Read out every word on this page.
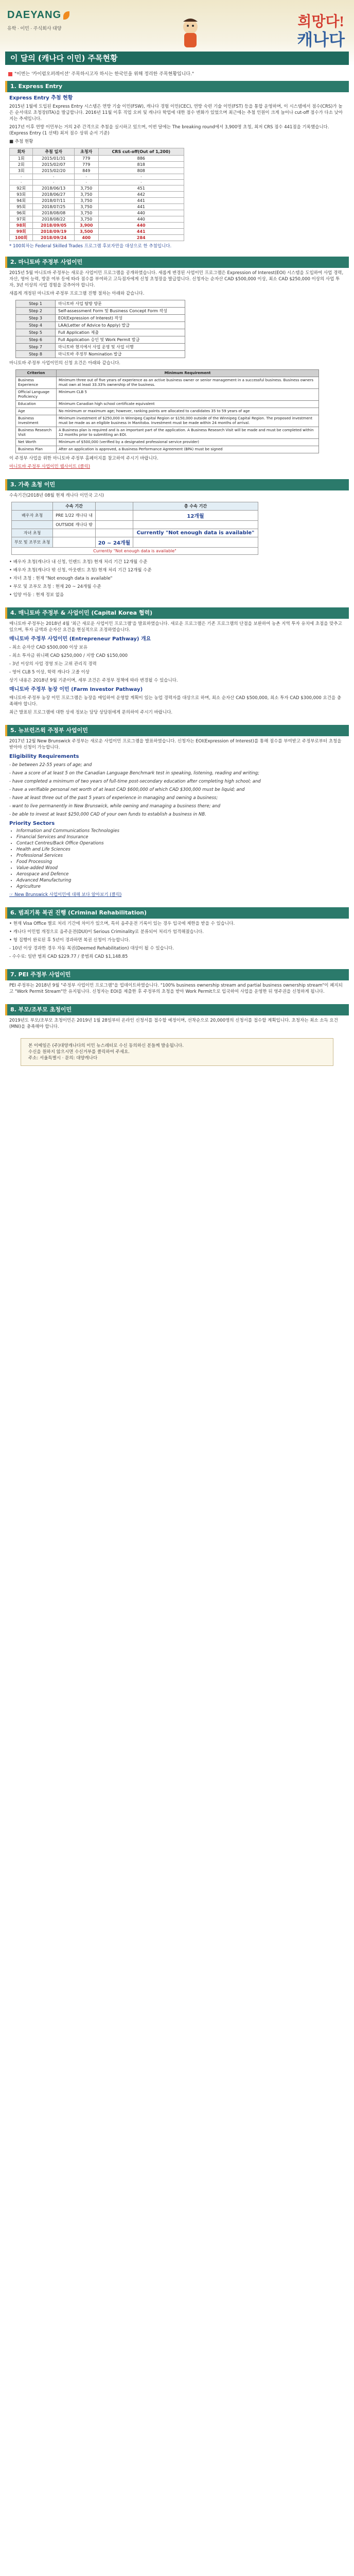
DAEYANG
유학 · 이민 · 주식회사 대양	희망다!
캐나다
이 달의 (캐나다 이민) 주목현황
"이번는 '카이럼오퍼레이션' 주목하시고자 하시는 한국인을 위해 정리한 주목현황입니다."
1. Express Entry
Express Entry 추첨 현황

2015년 1월에 도입된 Express Entry 시스템은 연방 기술 이민(FSW), 캐나다 경험 이민(CEC), 연방 숙련 기술 이민(FST) 등을 통합 운영하며, 이 시스템에서 점수(CRS)가 높은 순서대로 초청장(ITA)을 발급합니다. 2016년 11월 이후 직업 오퍼 및 캐나다 학업에 대한 점수 변화가 있었으며 최근에는 추첨 인원이 크게 늘어나 cut-off 점수가 다소 낮아지는 추세입니다.

2017년 이후 연방 이민부는 거의 2주 간격으로 추첨을 실시하고 있으며, 이번 달에는 The breaking round에서 3,900명 초청, 최저 CRS 점수 441점을 기록했습니다. (Express Entry (1 선택) 최저 점수 상위 순서 기준)

■ 추첨 현황
회차	추첨 일자	초청자	CRS cut-off(Out of 1,200)
1회	2015/01/31	779	886
2회	2015/02/07	779	818
3회	2015/02/20	849	808
·	·	·	·
·	·	·	·
92회	2018/06/13	3,750	451
93회	2018/06/27	3,750	442
94회	2018/07/11	3,750	441
95회	2018/07/25	3,750	441
96회	2018/08/08	3,750	440
97회	2018/08/22	3,750	440
98회	2018/09/05	3,900	440
99회	2018/09/19	3,500	441
100회	2018/09/24	400	284
* 100회차는 Federal Skilled Trades 프로그램 후보자만을 대상으로 한 추첨입니다.
2. 마니토바 주정부 사업이민

2015년 5월 마니토바 주정부는 새로운 사업이민 프로그램을 공개하였습니다. 새롭게 변경된 사업이민 프로그램은 Expression of Interest(EOI) 시스템을 도입하여 사업 경력, 자산, 영어 능력, 방문 여부 등에 따라 점수를 부여하고 고득점자에게 신청 초청장을 발급합니다. 신청자는 순자산 CAD $500,000 이상, 최소 CAD $250,000 이상의 사업 투자, 3년 이상의 사업 경험을 갖추어야 합니다.

새롭게 개정된 마니토바 주정부 프로그램 진행 절차는 아래와 같습니다.

Step 1	마니토바 사업 탐방 방문
Step 2	Self-assessment Form 및 Business Concept Form 작성
Step 3	EOI(Expression of Interest) 작성
Step 4	LAA(Letter of Advice to Apply) 발급
Step 5	Full Application 제출
Step 6	Full Application 승인 및 Work Permit 발급
Step 7	마니토바 현지에서 사업 운영 및 사업 이행
Step 8	마니토바 주정부 Nomination 발급

마니토바 주정부 사업이민의 신청 요건은 아래와 같습니다.

Criterion	Minimum Requirement
Business Experience	Minimum three out of five years of experience as an active business owner or senior management in a successful business. Business owners must own at least 33.33% ownership of the business.
Official Language Proficiency	Minimum CLB 5
Education	Minimum Canadian high school certificate equivalent
Age	No minimum or maximum age; however, ranking points are allocated to candidates 35 to 59 years of age
Business Investment	Minimum investment of $250,000 in Winnipeg Capital Region or $150,000 outside of the Winnipeg Capital Region. The proposed investment must be made as an eligible business in Manitoba. Investment must be made within 24 months of arrival.
Business Research Visit	A Business plan is required and is an important part of the application. A Business Research Visit will be made and must be completed within 12 months prior to submitting an EOI.
Net Worth	Minimum of $500,000 (verified by a designated professional service provider)
Business Plan	After an application is approved, a Business Performance Agreement (BPA) must be signed

이 주정부 사업을 위한 마니토바 주정부 홈페이지를 참고하여 주시기 바랍니다.

마니토바 주정부 사업이민 웹사이트 (클릭)

3. 가족 초청 이민

수속기간(2018년 08월 현재 캐나다 이민국 고시)

	수속 기간		총 수속 기간
배우자 초청	PRE 1/22 캐나다 내		12개월
	OUTSIDE 캐나다 밖		
자녀 초청			Currently "Not enough data is available"
부모 및 조부모 초청		20 ~ 24개월	
Currently "Not enough data is available"			

• 배우자 초청(캐나다 내 신청, 인랜드 초청) 현재 처리 기간 12개월 수준

• 배우자 초청(캐나다 밖 신청, 아웃랜드 초청) 현재 처리 기간 12개월 수준

• 자녀 초청 : 현재 "Not enough data is available"

• 부모 및 조부모 초청 : 현재 20 ~ 24개월 수준

• 입양 아동 : 현재 정보 없음

4. 매니토바 주정부 & 사업이민 (Capital Korea 협력)

매니토바 주정부는 2018년 4월 '최근 새로운 사업이민 프로그램'을 발표하였습니다. 새로운 프로그램은 기존 프로그램의 단점을 보완하여 농촌 지역 투자 유치에 초점을 맞추고 있으며, 투자 금액과 순자산 요건을 현실적으로 조정하였습니다.

매니토바 주정부 사업이민 (Entrepreneur Pathway) 개요

- 최소 순자산 CAD $500,000 이상 보유

- 최소 투자금 위니펙 CAD $250,000 / 지방 CAD $150,000

- 3년 이상의 사업 경영 또는 고위 관리직 경력

- 영어 CLB 5 이상, 학력 캐나다 고졸 이상

상기 내용은 2018년 9월 기준이며, 세부 조건은 주정부 정책에 따라 변경될 수 있습니다.

매니토바 주정부 농장 이민 (Farm Investor Pathway)

매니토바 주정부 농장 이민 프로그램은 농장을 매입하여 운영할 계획이 있는 농업 경력자를 대상으로 하며, 최소 순자산 CAD $500,000, 최소 투자 CAD $300,000 요건을 충족해야 합니다.

최근 발표된 프로그램에 대한 상세 정보는 담당 상담원에게 문의하여 주시기 바랍니다.

5. 뉴브런즈윅 주정부 사업이민

2017년 12월 New Brunswick 주정부는 새로운 사업이민 프로그램을 발표하였습니다. 신청자는 EOI(Expression of Interest)를 통해 점수를 부여받고 주정부로부터 초청을 받아야 신청이 가능합니다.

Eligibility Requirements

- be between 22-55 years of age; and

- have a score of at least 5 on the Canadian Language Benchmark test in speaking, listening, reading and writing;

- have completed a minimum of two years of full-time post-secondary education after completing high school; and

- have a verifiable personal net worth of at least CAD $600,000 of which CAD $300,000 must be liquid; and

- have at least three out of the past 5 years of experience in managing and owning a business;

- want to live permanently in New Brunswick, while owning and managing a business there; and

- be able to invest at least $250,000 CAD of your own funds to establish a business in NB.

Priority Sectors
• Information and Communications Technologies
• Financial Services and Insurance
• Contact Centres/Back Office Operations
• Health and Life Sciences
• Professional Services
• Food Processing
• Value-added Wood
• Aerospace and Defence
• Advanced Manufacturing
• Agriculture

☞ New Brunswick 사업이민에 대해 보다 알아보기 (클릭)

6. 범죄기록 복권 진행 (Criminal Rehabilitation)

• 현재 Visa Office 별로 처리 기간에 차이가 있으며, 특히 음주운전 기록이 있는 경우 입국에 제한을 받을 수 있습니다.

• 캐나다 이민법 개정으로 음주운전(DUI)이 Serious Criminality로 분류되어 처리가 엄격해졌습니다.

• 형 집행이 완료된 후 5년이 경과하면 복권 신청이 가능합니다.

- 10년 이상 경과한 경우 자동 복권(Deemed Rehabilitation) 대상이 될 수 있습니다.

- 수수료: 일반 범죄 CAD $229.77 / 중범죄 CAD $1,148.85

7. PEI 주정부 사업이민

PEI 주정부는 2018년 9월 "주정부 사업이민 프로그램"을 업데이트하였습니다. "100% business ownership stream and partial business ownership stream"이 폐지되고 "Work Permit Stream"만 유지됩니다. 신청자는 EOI를 제출한 후 주정부의 초청을 받아 Work Permit으로 입국하여 사업을 운영한 뒤 영주권을 신청하게 됩니다.

8. 부모/조부모 초청이민

2019년도 부모/조부모 초청이민은 2019년 1월 28일부터 온라인 신청서를 접수할 예정이며, 선착순으로 20,000명의 신청서를 접수할 계획입니다. 초청자는 최소 소득 요건(MNI)을 충족해야 합니다.

본 이메일은 (주)대양캐나다의 이민 뉴스레터로 수신 동의하신 분들께 발송됩니다.
수신을 원하지 않으시면 수신거부를 클릭하여 주세요.
주소: 서울특별시 · 문의: 대양캐나다
